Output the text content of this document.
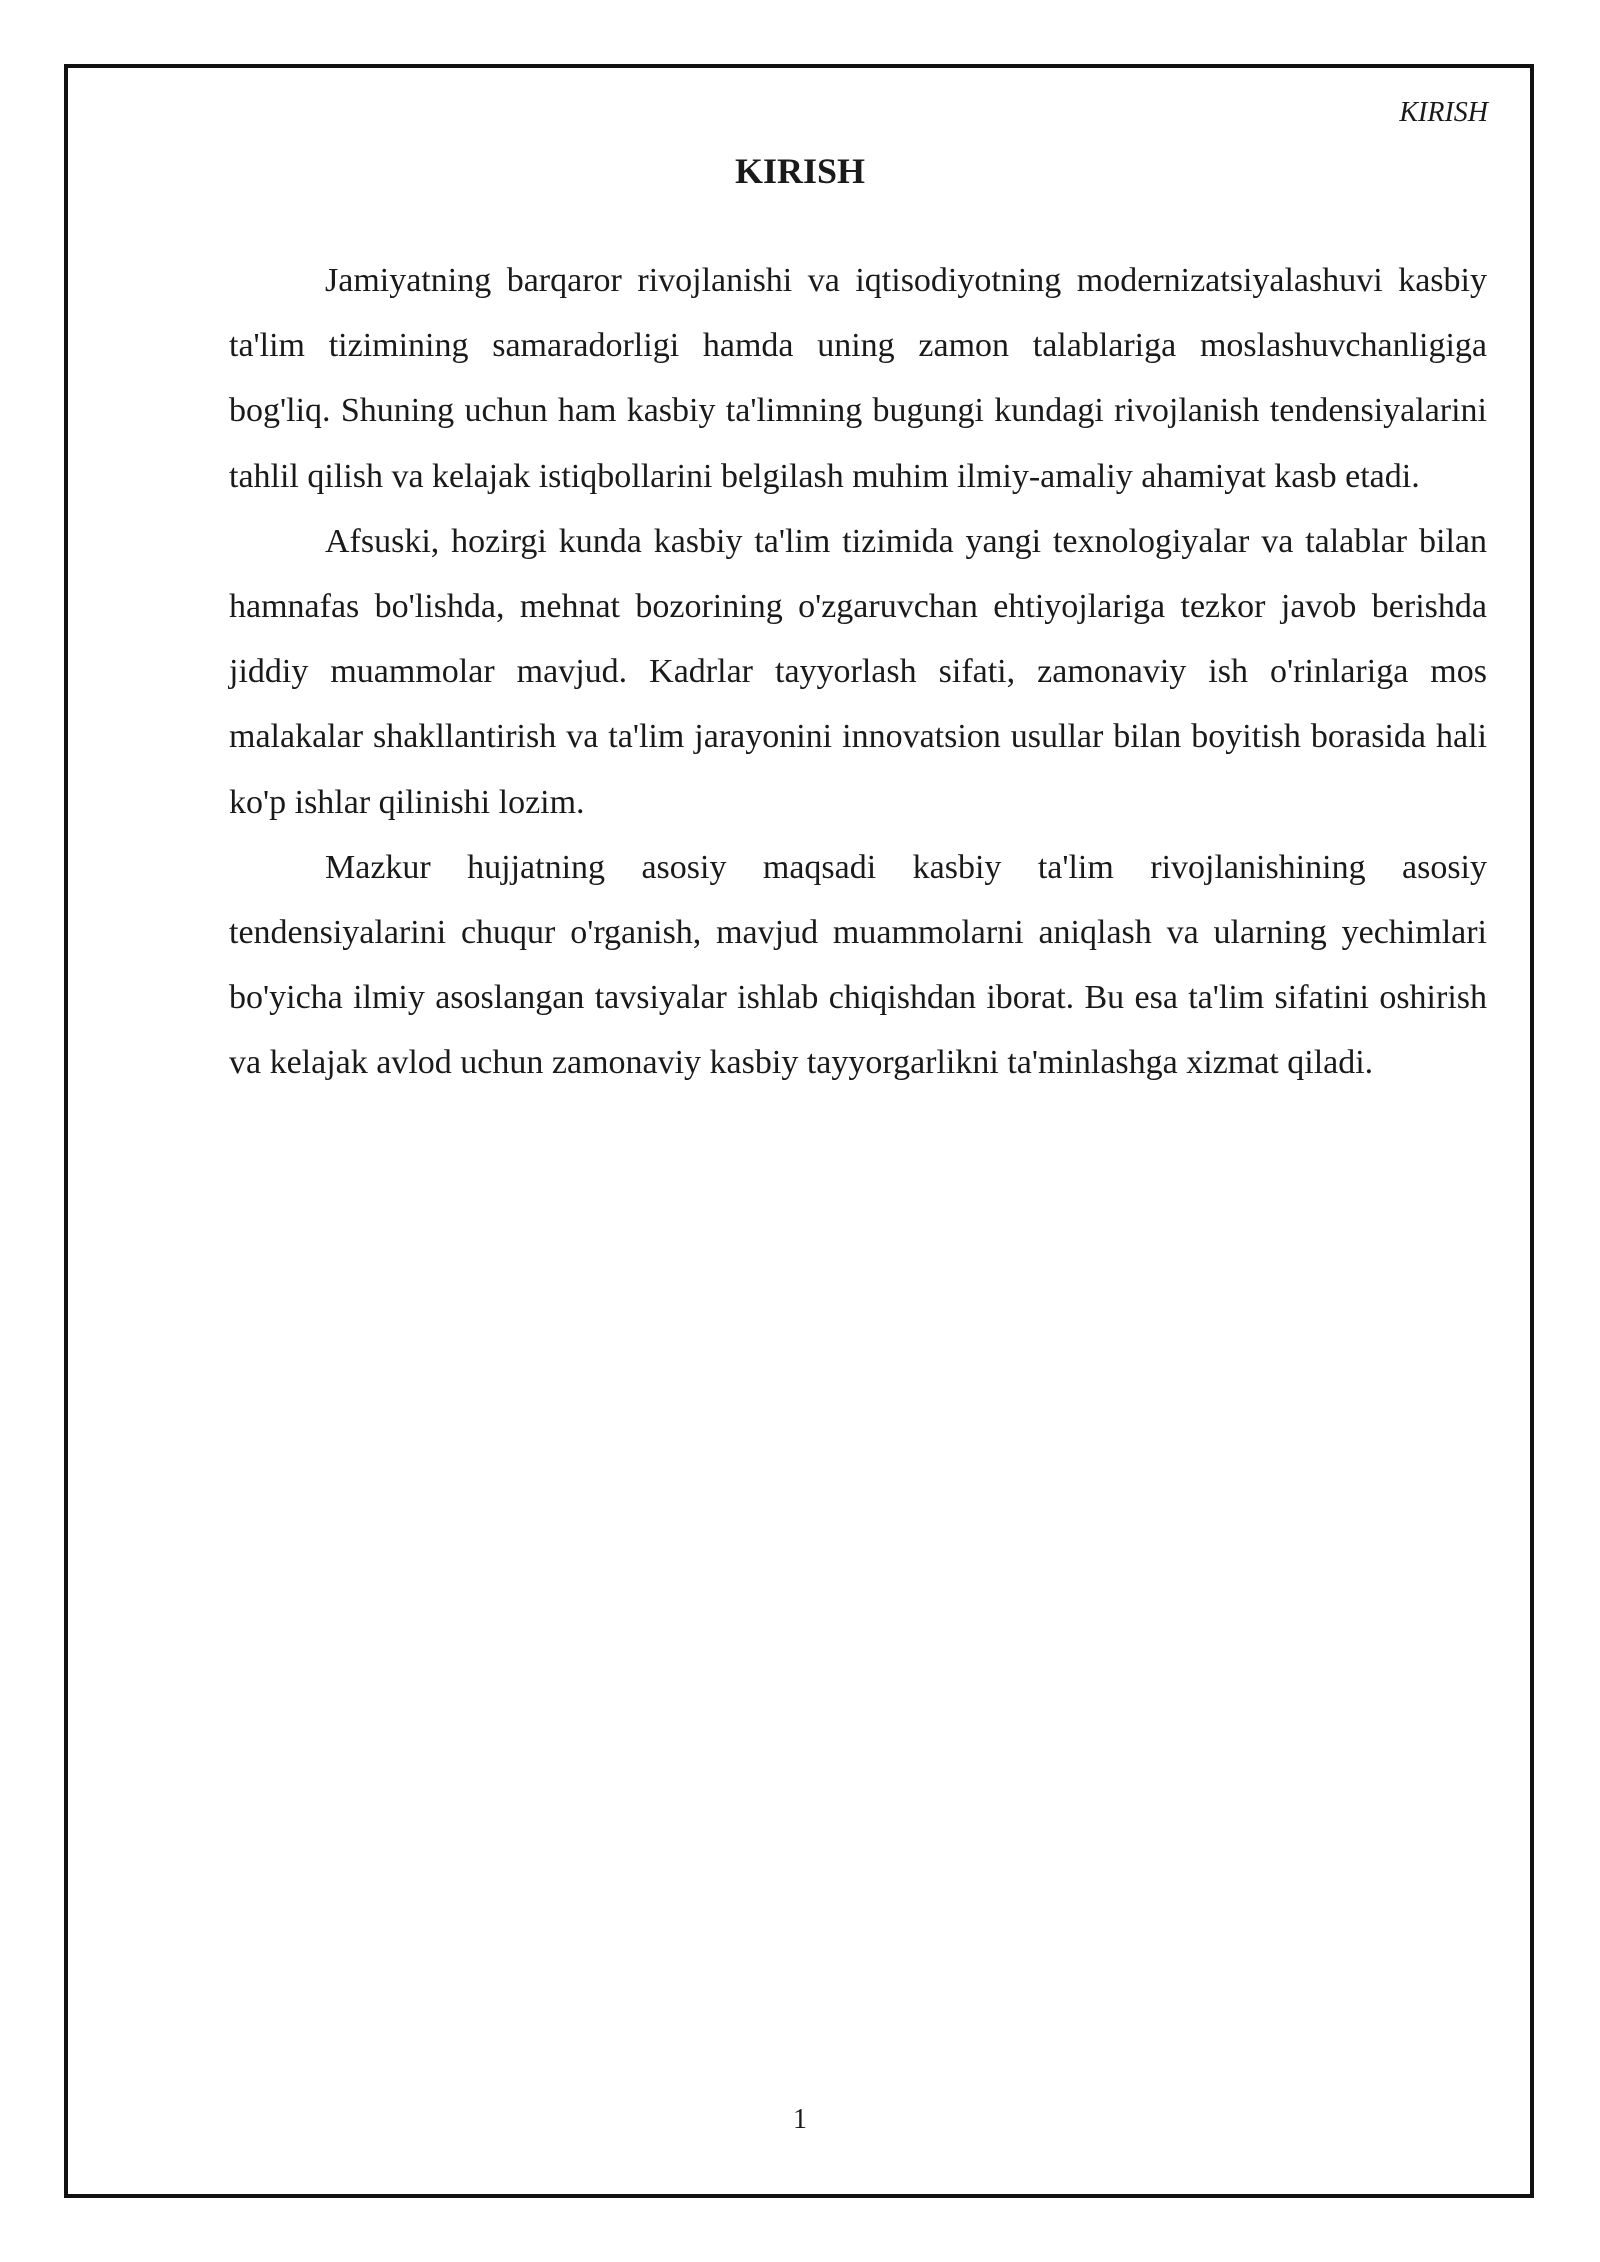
KIRISH
KIRISH

Jamiyatning barqaror rivojlanishi va iqtisodiyotning modernizatsiyalashuvi kasbiy ta'lim tizimining samaradorligi hamda uning zamon talablariga moslashuvchanligiga bog'liq. Shuning uchun ham kasbiy ta'limning bugungi kundagi rivojlanish tendensiyalarini tahlil qilish va kelajak istiqbollarini belgilash muhim ilmiy-amaliy ahamiyat kasb etadi.

Afsuski, hozirgi kunda kasbiy ta'lim tizimida yangi texnologiyalar va talablar bilan hamnafas bo'lishda, mehnat bozorining o'zgaruvchan ehtiyojlariga tezkor javob berishda jiddiy muammolar mavjud. Kadrlar tayyorlash sifati, zamonaviy ish o'rinlariga mos malakalar shakllantirish va ta'lim jarayonini innovatsion usullar bilan boyitish borasida hali ko'p ishlar qilinishi lozim.

Mazkur hujjatning asosiy maqsadi kasbiy ta'lim rivojlanishining asosiy tendensiyalarini chuqur o'rganish, mavjud muammolarni aniqlash va ularning yechimlari bo'yicha ilmiy asoslangan tavsiyalar ishlab chiqishdan iborat. Bu esa ta'lim sifatini oshirish va kelajak avlod uchun zamonaviy kasbiy tayyorgarlikni ta'minlashga xizmat qiladi.

1
